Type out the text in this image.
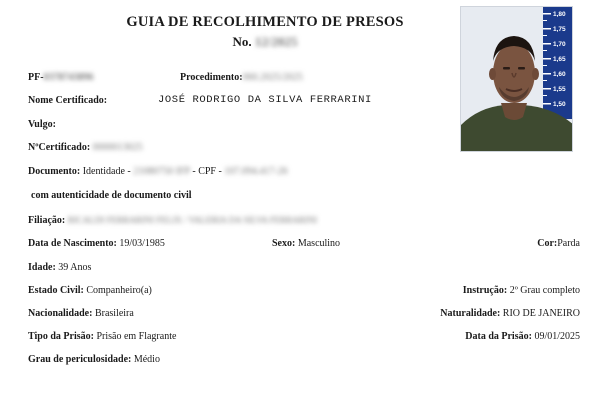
GUIA DE RECOLHIMENTO DE PRESOS
No. 12/2025
1,80
1,75
1,70
1,65
1,60
1,55
1,50
PF-0378743896	Procedimento:060.2025/2025
Nome Certificado:	JOSÉ RODRIGO DA SILVA FERRARINI
Vulgo:
NºCertificado: 0000013025
Documento: Identidade - 21080750 IFP - CPF - 107.094.417-26
com autenticidade de documento civil
Filiação: RICALDI FERRARINI FELIX / VALERIA DA SILVA FERRARINI
Data de Nascimento: 19/03/1985	Sexo: Masculino	Cor:Parda
Idade: 39 Anos
Estado Civil: Companheiro(a)	Instrução: 2º Grau completo
Nacionalidade: Brasileira	Naturalidade: RIO DE JANEIRO
Tipo da Prisão: Prisão em Flagrante	Data da Prisão: 09/01/2025
Grau de periculosidade: Médio
